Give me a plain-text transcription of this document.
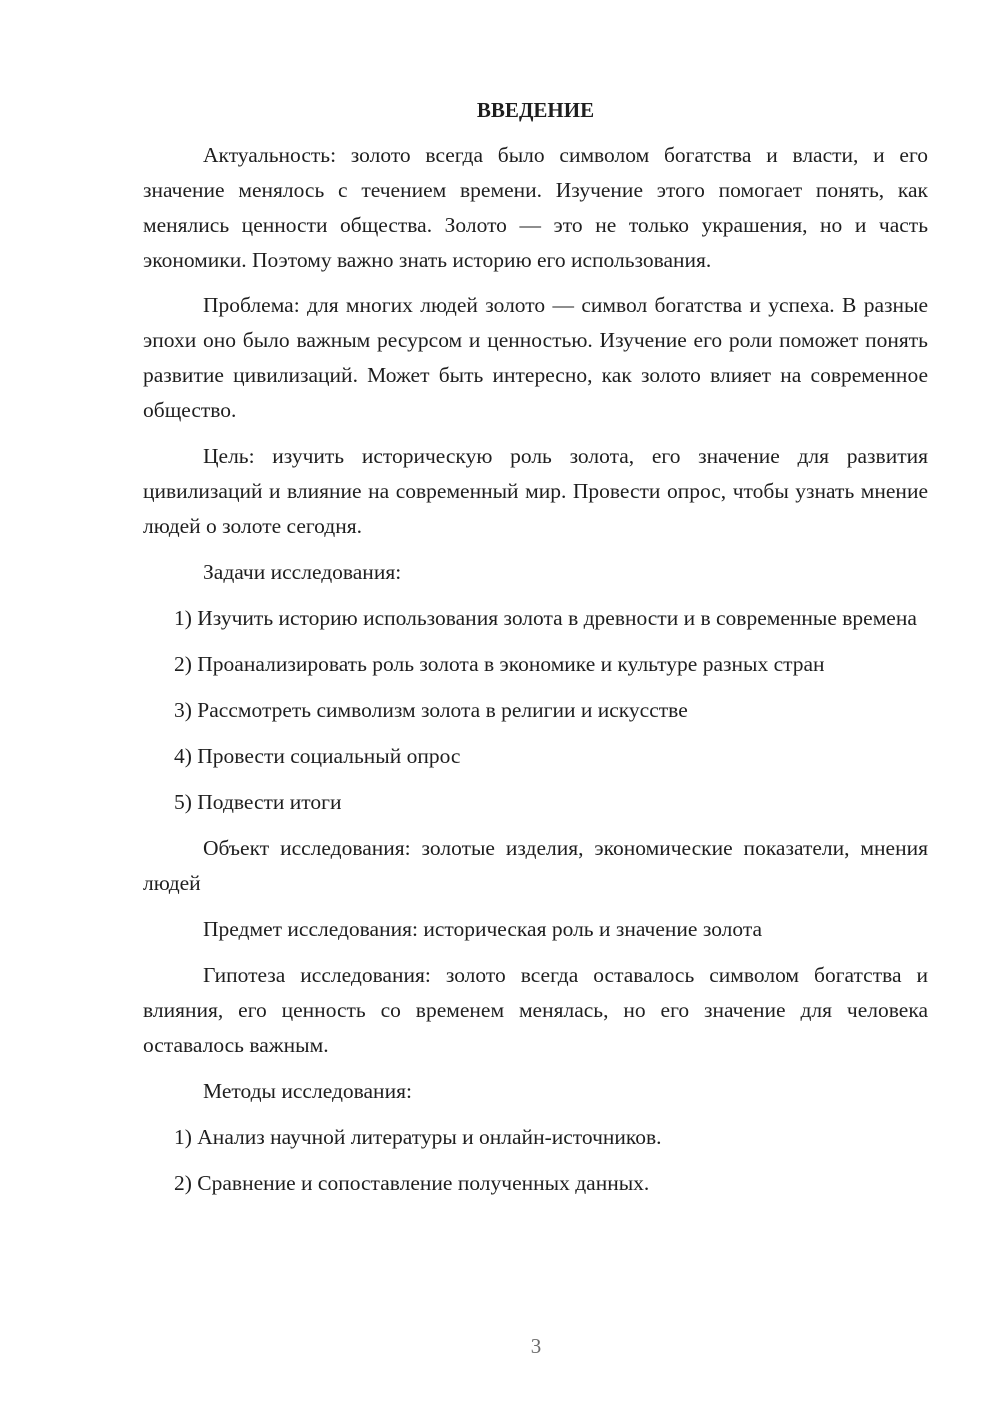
ВВЕДЕНИЕ

Актуальность: золото всегда было символом богатства и власти, и его значение менялось с течением времени. Изучение этого помогает понять, как менялись ценности общества. Золото — это не только украшения, но и часть экономики. Поэтому важно знать историю его использования.

Проблема: для многих людей золото — символ богатства и успеха. В разные эпохи оно было важным ресурсом и ценностью. Изучение его роли поможет понять развитие цивилизаций. Может быть интересно, как золото влияет на современное общество.

Цель: изучить историческую роль золота, его значение для развития цивилизаций и влияние на современный мир. Провести опрос, чтобы узнать мнение людей о золоте сегодня.

Задачи исследования:

1) Изучить историю использования золота в древности и в современные времена

2) Проанализировать роль золота в экономике и культуре разных стран

3) Рассмотреть символизм золота в религии и искусстве

4) Провести социальный опрос

5) Подвести итоги

Объект исследования: золотые изделия, экономические показатели, мнения людей

Предмет исследования: историческая роль и значение золота

Гипотеза исследования: золото всегда оставалось символом богатства и влияния, его ценность со временем менялась, но его значение для человека оставалось важным.

Методы исследования:

1) Анализ научной литературы и онлайн-источников.

2) Сравнение и сопоставление полученных данных.

3
